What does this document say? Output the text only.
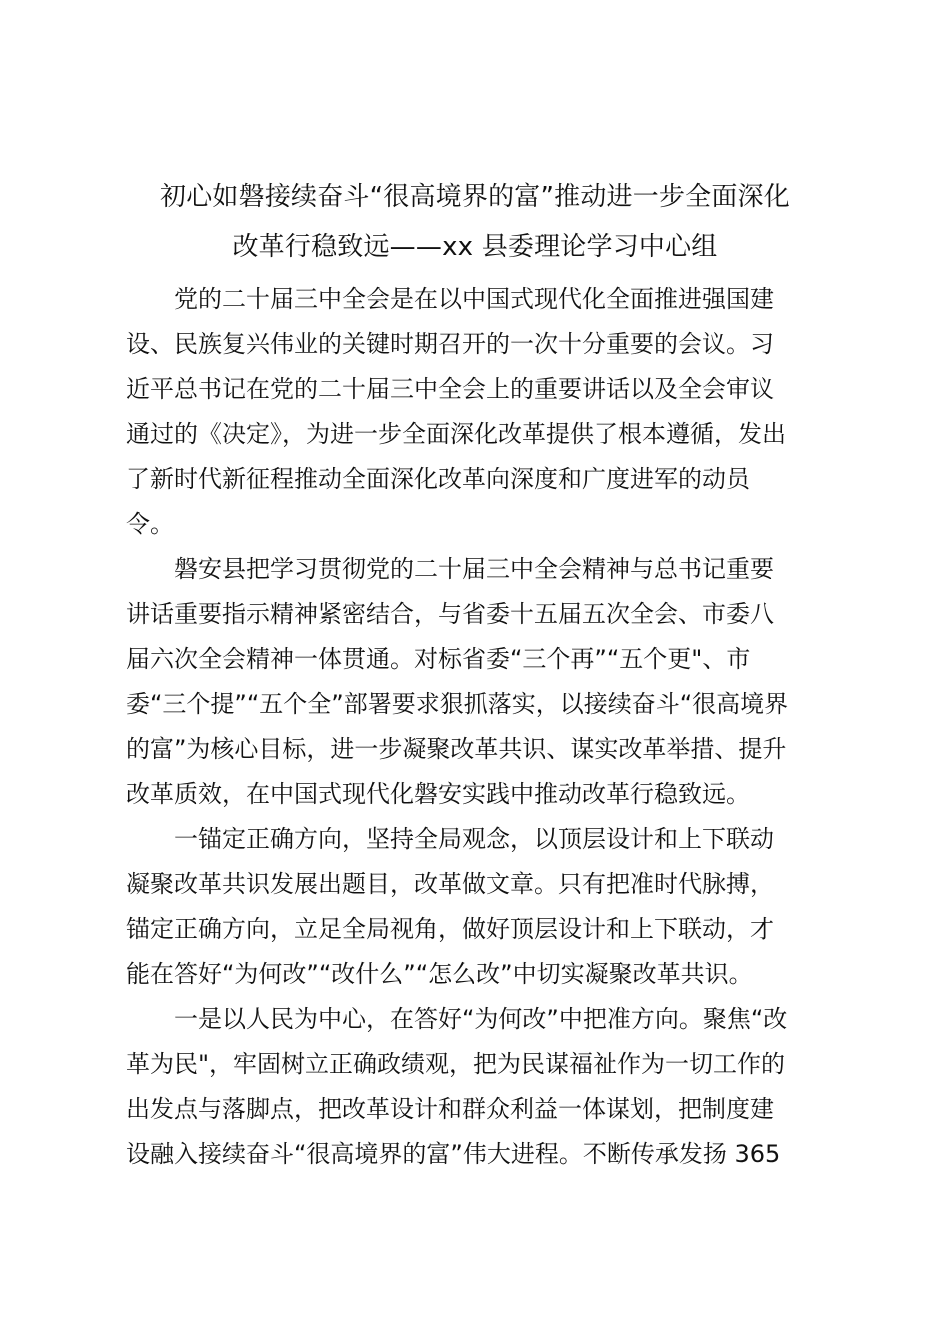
初心如磐接续奋斗“很高境界的富”推动进一步全面深化
改革行稳致远——xx 县委理论学习中心组
党的二十届三中全会是在以中国式现代化全面推进强国建
设、民族复兴伟业的关键时期召开的一次十分重要的会议。习
近平总书记在党的二十届三中全会上的重要讲话以及全会审议
通过的《决定》，为进一步全面深化改革提供了根本遵循，发出
了新时代新征程推动全面深化改革向深度和广度进军的动员
令。
磐安县把学习贯彻党的二十届三中全会精神与总书记重要
讲话重要指示精神紧密结合，与省委十五届五次全会、市委八
届六次全会精神一体贯通。对标省委“三个再”“五个更"、市
委“三个提”“五个全”部署要求狠抓落实，以接续奋斗“很高境界
的富”为核心目标，进一步凝聚改革共识、谋实改革举措、提升
改革质效，在中国式现代化磐安实践中推动改革行稳致远。
一锚定正确方向，坚持全局观念，以顶层设计和上下联动
凝聚改革共识发展出题目，改革做文章。只有把准时代脉搏，
锚定正确方向，立足全局视角，做好顶层设计和上下联动，才
能在答好“为何改”“改什么”“怎么改”中切实凝聚改革共识。
一是以人民为中心，在答好“为何改”中把准方向。聚焦“改
革为民"，牢固树立正确政绩观，把为民谋福祉作为一切工作的
出发点与落脚点，把改革设计和群众利益一体谋划，把制度建
设融入接续奋斗“很高境界的富”伟大进程。不断传承发扬 365
